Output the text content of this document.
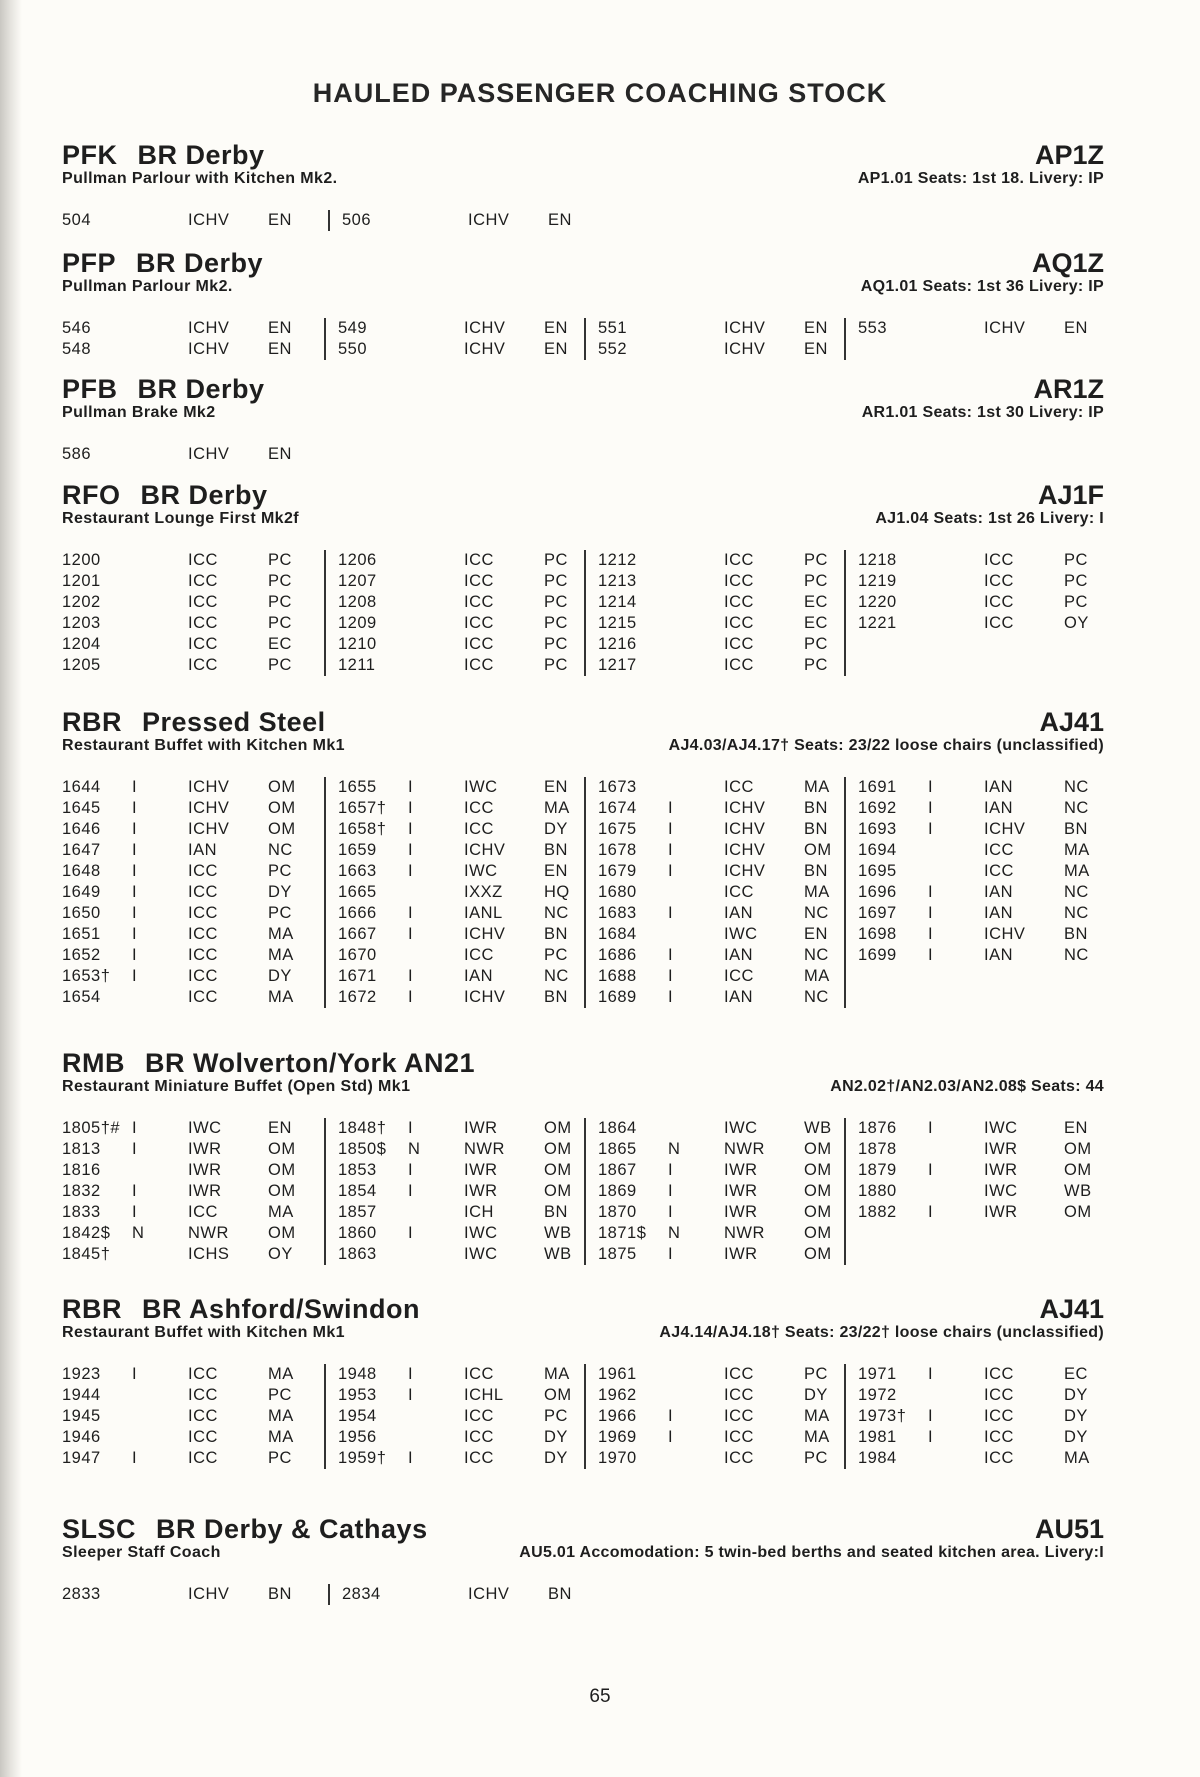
HAULED PASSENGER COACHING STOCK
PFK BR Derby	AP1Z
Pullman Parlour with Kitchen Mk2.	AP1.01 Seats: 1st 18. Livery: IP
504	ICHV	EN	506	ICHV	EN
PFP BR Derby	AQ1Z
Pullman Parlour Mk2.	AQ1.01 Seats: 1st 36 Livery: IP
546	ICHV	EN
548	ICHV	EN
549	ICHV	EN
550	ICHV	EN
551	ICHV	EN
552	ICHV	EN
553	ICHV	EN
PFB BR Derby	AR1Z
Pullman Brake Mk2	AR1.01 Seats: 1st 30 Livery: IP
586	ICHV	EN
RFO BR Derby	AJ1F
Restaurant Lounge First Mk2f	AJ1.04 Seats: 1st 26 Livery: I
1200	ICC	PC
1201	ICC	PC
1202	ICC	PC
1203	ICC	PC
1204	ICC	EC
1205	ICC	PC
1206	ICC	PC
1207	ICC	PC
1208	ICC	PC
1209	ICC	PC
1210	ICC	PC
1211	ICC	PC
1212	ICC	PC
1213	ICC	PC
1214	ICC	EC
1215	ICC	EC
1216	ICC	PC
1217	ICC	PC
1218	ICC	PC
1219	ICC	PC
1220	ICC	PC
1221	ICC	OY
RBR Pressed Steel	AJ41
Restaurant Buffet with Kitchen Mk1	AJ4.03/AJ4.17† Seats: 23/22 loose chairs (unclassified)
1644	I	ICHV	OM
1645	I	ICHV	OM
1646	I	ICHV	OM
1647	I	IAN	NC
1648	I	ICC	PC
1649	I	ICC	DY
1650	I	ICC	PC
1651	I	ICC	MA
1652	I	ICC	MA
1653†	I	ICC	DY
1654	ICC	MA
1655	I	IWC	EN
1657†	I	ICC	MA
1658†	I	ICC	DY
1659	I	ICHV	BN
1663	I	IWC	EN
1665	IXXZ	HQ
1666	I	IANL	NC
1667	I	ICHV	BN
1670	ICC	PC
1671	I	IAN	NC
1672	I	ICHV	BN
1673	ICC	MA
1674	I	ICHV	BN
1675	I	ICHV	BN
1678	I	ICHV	OM
1679	I	ICHV	BN
1680	ICC	MA
1683	I	IAN	NC
1684	IWC	EN
1686	I	IAN	NC
1688	I	ICC	MA
1689	I	IAN	NC
1691	I	IAN	NC
1692	I	IAN	NC
1693	I	ICHV	BN
1694	ICC	MA
1695	ICC	MA
1696	I	IAN	NC
1697	I	IAN	NC
1698	I	ICHV	BN
1699	I	IAN	NC
RMB BR Wolverton/York AN21
Restaurant Miniature Buffet (Open Std) Mk1	AN2.02†/AN2.03/AN2.08$ Seats: 44
1805†# I	IWC	EN
1813	I	IWR	OM
1816	IWR	OM
1832	I	IWR	OM
1833	I	ICC	MA
1842$	N	NWR	OM
1845†	ICHS	OY
1848†	I	IWR	OM
1850$	N	NWR	OM
1853	I	IWR	OM
1854	I	IWR	OM
1857	ICH	BN
1860	I	IWC	WB
1863	IWC	WB
1864	IWC	WB
1865	N	NWR	OM
1867	I	IWR	OM
1869	I	IWR	OM
1870	I	IWR	OM
1871$	N	NWR	OM
1875	I	IWR	OM
1876	I	IWC	EN
1878	IWR	OM
1879	I	IWR	OM
1880	IWC	WB
1882	I	IWR	OM
RBR BR Ashford/Swindon	AJ41
Restaurant Buffet with Kitchen Mk1	AJ4.14/AJ4.18† Seats: 23/22† loose chairs (unclassified)
1923	I	ICC	MA
1944	ICC	PC
1945	ICC	MA
1946	ICC	MA
1947	I	ICC	PC
1948	I	ICC	MA
1953	I	ICHL	OM
1954	ICC	PC
1956	ICC	DY
1959†	I	ICC	DY
1961	ICC	PC
1962	ICC	DY
1966	I	ICC	MA
1969	I	ICC	MA
1970	ICC	PC
1971	I	ICC	EC
1972	ICC	DY
1973†	I	ICC	DY
1981	I	ICC	DY
1984	ICC	MA
SLSC BR Derby & Cathays	AU51
Sleeper Staff Coach	AU5.01 Accomodation: 5 twin-bed berths and seated kitchen area. Livery:I
2833	ICHV	BN	2834	ICHV	BN
65
